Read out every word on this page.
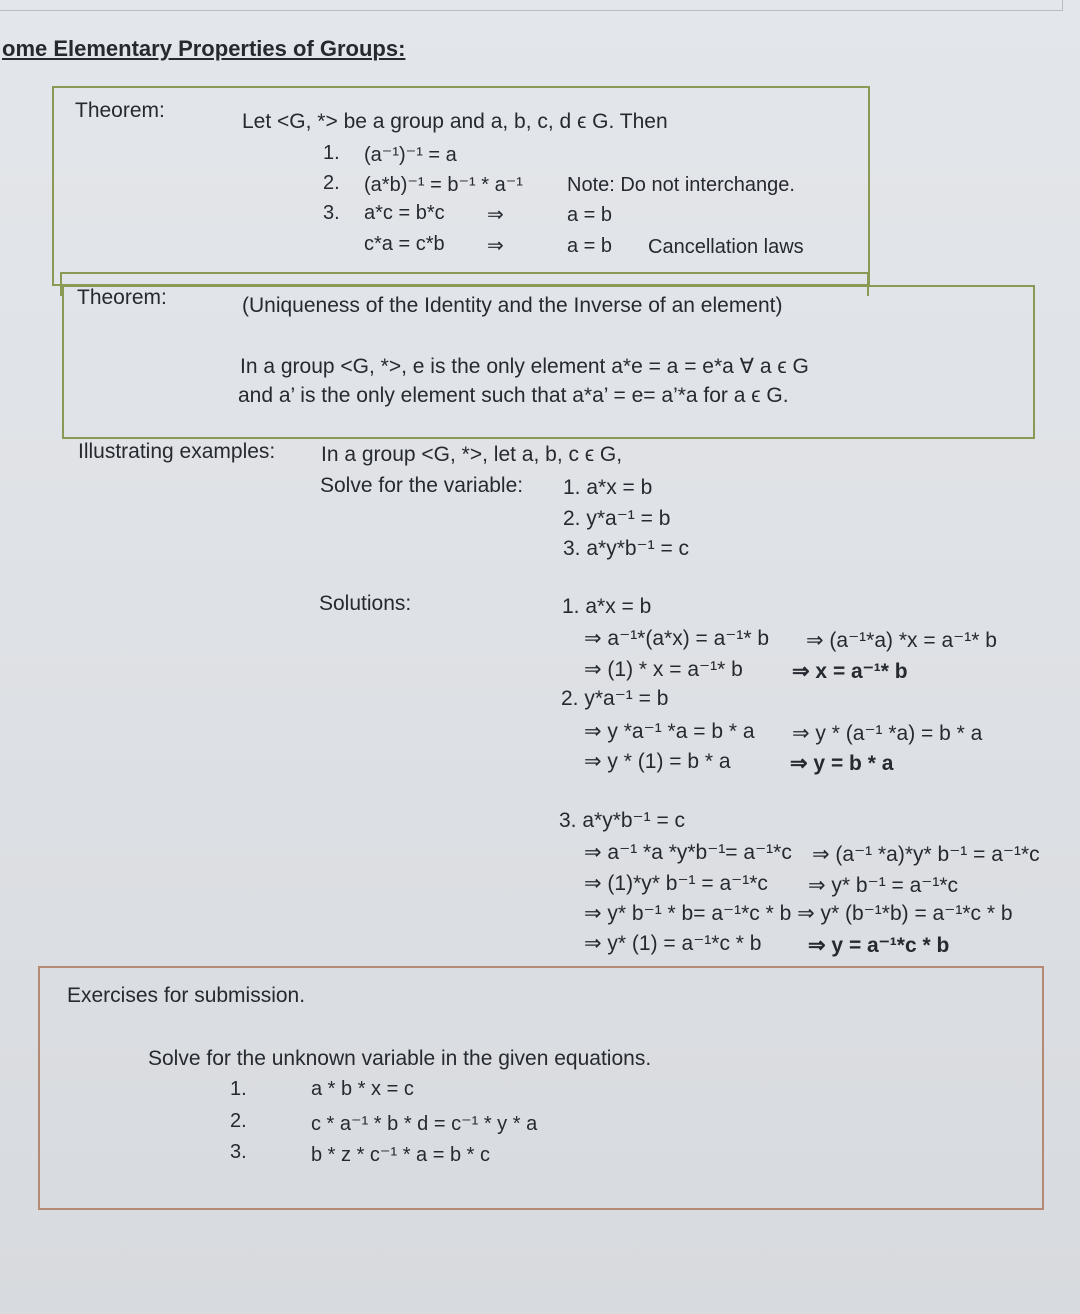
ome Elementary Properties of Groups:
Theorem:	Let <G, *> be a group and a, b, c, d ϵ G. Then
1. (a⁻¹)⁻¹ = a
2. (a*b)⁻¹ = b⁻¹ * a⁻¹ Note: Do not interchange.
3. a*c = b*c ⇒	a = b
c*a = c*b ⇒	a = b Cancellation laws
Theorem:	(Uniqueness of the Identity and the Inverse of an element)
In a group <G, *>, e is the only element a*e = a = e*a ∀ a ϵ G
and a’ is the only element such that a*a’ = e= a’*a for a ϵ G.
Illustrating examples: In a group <G, *>, let a, b, c ϵ G,
Solve for the variable: 1. a*x = b
2. y*a⁻¹ = b
3. a*y*b⁻¹ = c
Solutions:	1. a*x = b
⇒ a⁻¹*(a*x) = a⁻¹* b ⇒ (a⁻¹*a) *x = a⁻¹* b
⇒ (1) * x = a⁻¹* b ⇒ x = a⁻¹* b
2. y*a⁻¹ = b
⇒ y *a⁻¹ *a = b * a ⇒ y * (a⁻¹ *a) = b * a
⇒ y * (1) = b * a	⇒ y = b * a
3. a*y*b⁻¹ = c
⇒ a⁻¹ *a *y*b⁻¹= a⁻¹*c ⇒ (a⁻¹ *a)*y* b⁻¹ = a⁻¹*c
⇒ (1)*y* b⁻¹ = a⁻¹*c ⇒ y* b⁻¹ = a⁻¹*c
⇒ y* b⁻¹ * b= a⁻¹*c * b ⇒ y* (b⁻¹*b) = a⁻¹*c * b
⇒ y* (1) = a⁻¹*c * b ⇒ y = a⁻¹*c * b
Exercises for submission.
Solve for the unknown variable in the given equations.
1.	a * b * x = c
2.	c * a⁻¹ * b * d = c⁻¹ * y * a
3.	b * z * c⁻¹ * a = b * c
